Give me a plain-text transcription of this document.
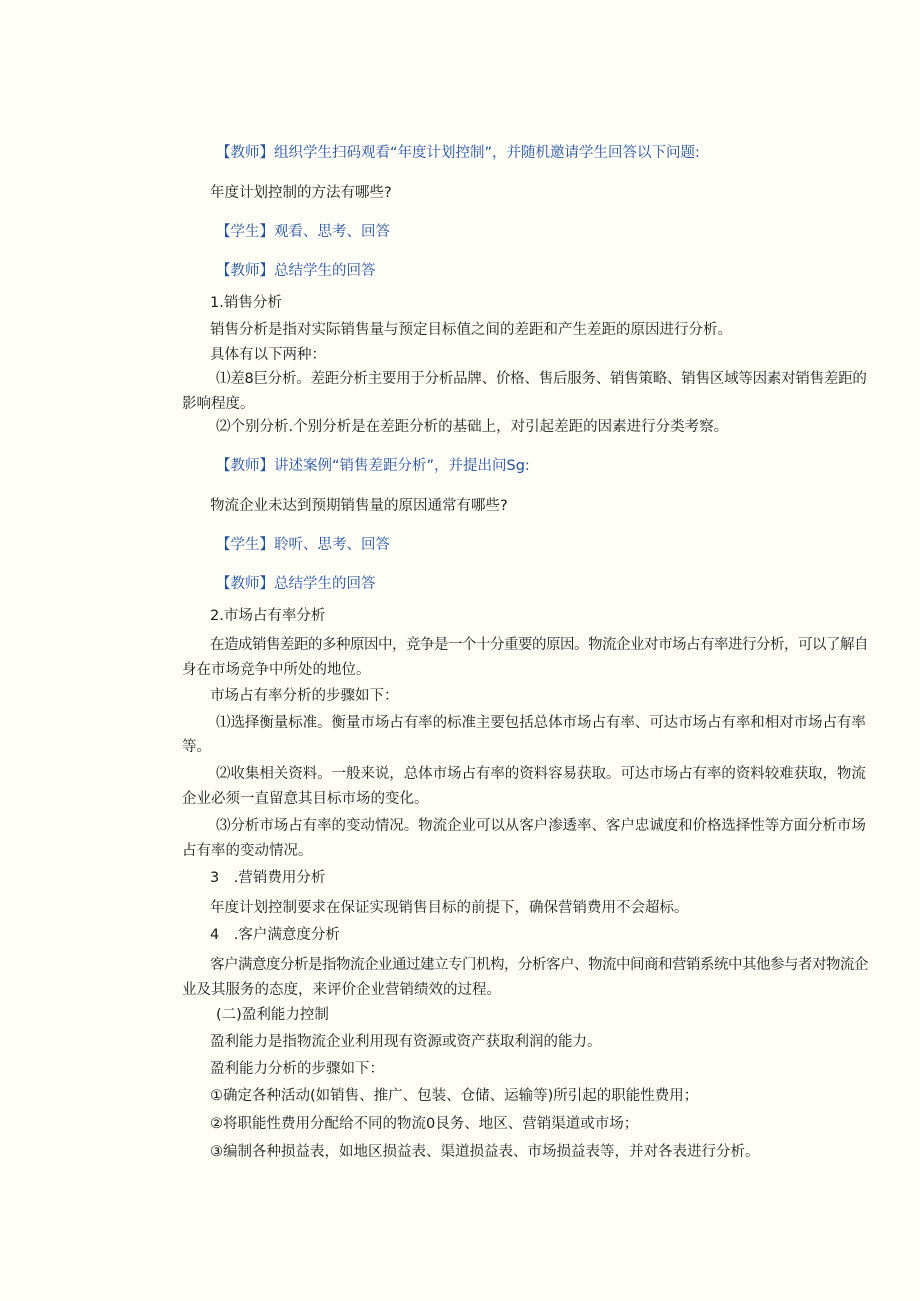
【教师】组织学生扫码观看“年度计划控制”，并随机邀请学生回答以下问题:

年度计划控制的方法有哪些?

【学生】观看、思考、回答

【教师】总结学生的回答

1.销售分析

销售分析是指对实际销售量与预定目标值之间的差距和产生差距的原因进行分析。

具体有以下两种：

⑴差8巨分析。差距分析主要用于分析品牌、价格、售后服务、销售策略、销售区域等因素对销售差距的

影响程度。

⑵个别分析.个别分析是在差距分析的基础上，对引起差距的因素进行分类考察。

【教师】讲述案例“销售差距分析”，并提出问Sg:

物流企业未达到预期销售量的原因通常有哪些?

【学生】聆听、思考、回答

【教师】总结学生的回答

2.市场占有率分析

在造成销售差距的多种原因中，竞争是一个十分重要的原因。物流企业对市场占有率进行分析，可以了解自

身在市场竞争中所处的地位。

市场占有率分析的步骤如下：

⑴选择衡量标准。衡量市场占有率的标准主要包括总体市场占有率、可达市场占有率和相对市场占有率

等。

⑵收集相关资料。一般来说，总体市场占有率的资料容易获取。可达市场占有率的资料较难获取，物流

企业必须一直留意其目标市场的变化。

⑶分析市场占有率的变动情况。物流企业可以从客户渗透率、客户忠诚度和价格选择性等方面分析市场

占有率的变动情况。

3　.营销费用分析

年度计划控制要求在保证实现销售目标的前提下，确保营销费用不会超标。

4　.客户满意度分析

客户满意度分析是指物流企业通过建立专门机构，分析客户、物流中间商和营销系统中其他参与者对物流企

业及其服务的态度，来评价企业营销绩效的过程。

(二)盈利能力控制

盈利能力是指物流企业利用现有资源或资产获取利润的能力。

盈利能力分析的步骤如下：

①确定各种活动(如销售、推广、包装、仓储、运输等)所引起的职能性费用；

②将职能性费用分配给不同的物流0艮务、地区、营销渠道或市场；

③编制各种损益表，如地区损益表、渠道损益表、市场损益表等，并对各表进行分析。
